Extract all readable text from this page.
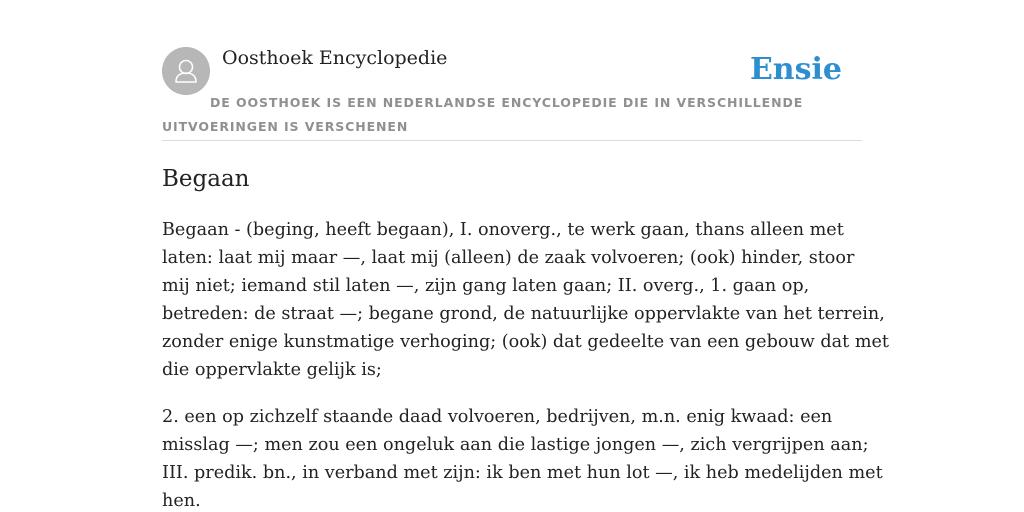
Oosthoek Encyclopedie	Ensie
DE OOSTHOEK IS EEN NEDERLANDSE ENCYCLOPEDIE DIE IN VERSCHILLENDE UITVOERINGEN IS VERSCHENEN
Begaan

Begaan - (beging, heeft begaan), I. onoverg., te werk gaan, thans alleen met
laten: laat mij maar —, laat mij (alleen) de zaak volvoeren; (ook) hinder, stoor
mij niet; iemand stil laten —, zijn gang laten gaan; II. overg., 1. gaan op,
betreden: de straat —; begane grond, de natuurlijke oppervlakte van het terrein,
zonder enige kunstmatige verhoging; (ook) dat gedeelte van een gebouw dat met
die oppervlakte gelijk is;

2. een op zichzelf staande daad volvoeren, bedrijven, m.n. enig kwaad: een
misslag —; men zou een ongeluk aan die lastige jongen —, zich vergrijpen aan;
III. predik. bn., in verband met zijn: ik ben met hun lot —, ik heb medelijden met
hen.
